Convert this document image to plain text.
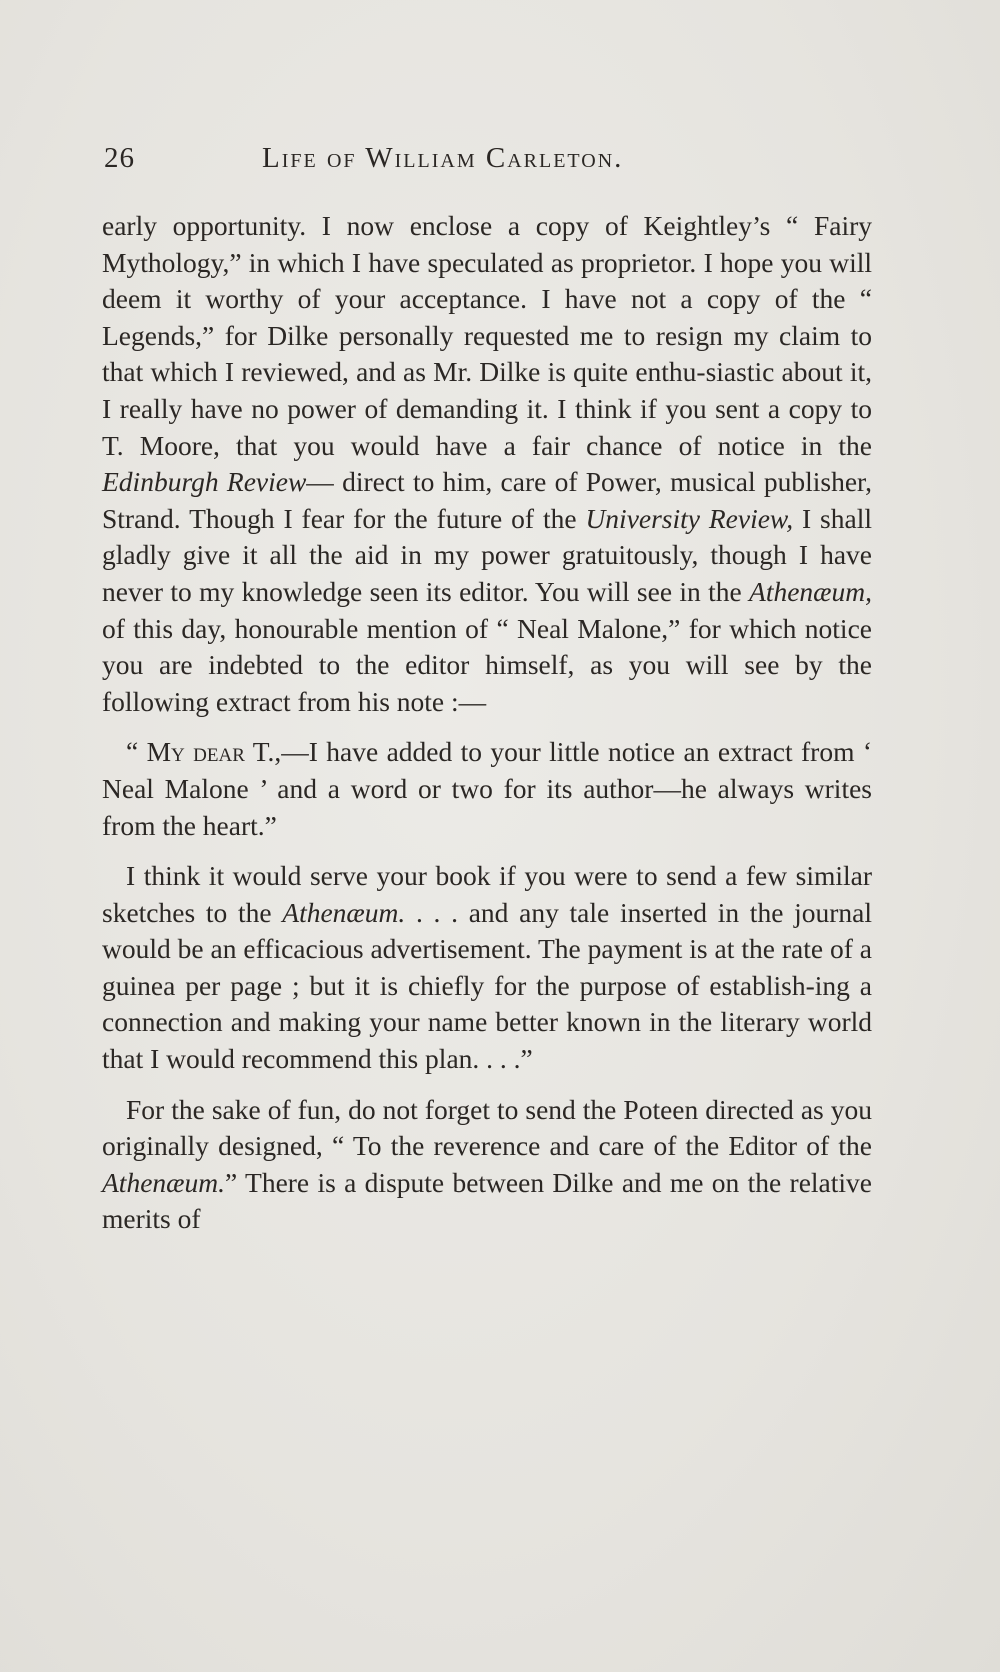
26	Life of William Carleton.

early opportunity. I now enclose a copy of Keightley’s “ Fairy Mythology,” in which I have speculated as proprietor. I hope you will deem it worthy of your acceptance. I have not a copy of the “ Legends,” for Dilke personally requested me to resign my claim to that which I reviewed, and as Mr. Dilke is quite enthu-siastic about it, I really have no power of demanding it. I think if you sent a copy to T. Moore, that you would have a fair chance of notice in the Edinburgh Review— direct to him, care of Power, musical publisher, Strand. Though I fear for the future of the University Review, I shall gladly give it all the aid in my power gratuitously, though I have never to my knowledge seen its editor. You will see in the Athenæum, of this day, honourable mention of “ Neal Malone,” for which notice you are indebted to the editor himself, as you will see by the following extract from his note :—

“ My dear T.,—I have added to your little notice an extract from ‘ Neal Malone ’ and a word or two for its author—he always writes from the heart.”

I think it would serve your book if you were to send a few similar sketches to the Athenæum. . . . and any tale inserted in the journal would be an efficacious advertisement. The payment is at the rate of a guinea per page ; but it is chiefly for the purpose of establish-ing a connection and making your name better known in the literary world that I would recommend this plan. . . .”

For the sake of fun, do not forget to send the Poteen directed as you originally designed, “ To the reverence and care of the Editor of the Athenæum.” There is a dispute between Dilke and me on the relative merits of
